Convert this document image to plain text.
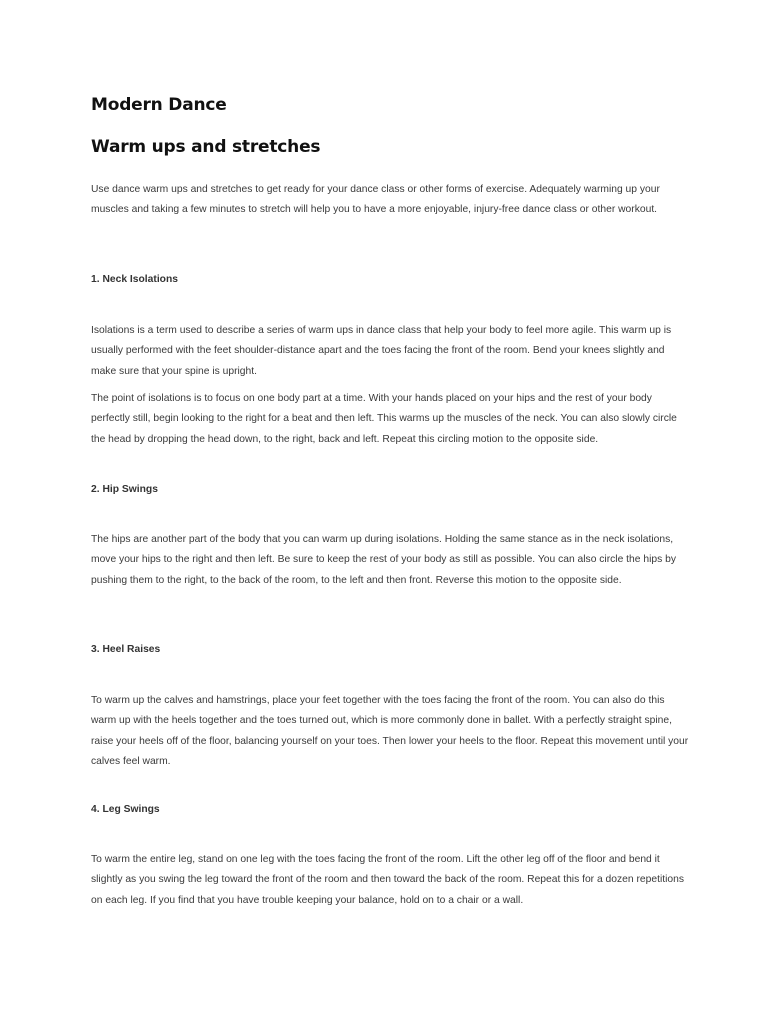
Modern Dance
Warm ups and stretches

Use dance warm ups and stretches to get ready for your dance class or other forms of exercise. Adequately warming up your muscles and taking a few minutes to stretch will help you to have a more enjoyable, injury-free dance class or other workout.

1. Neck Isolations

Isolations is a term used to describe a series of warm ups in dance class that help your body to feel more agile. This warm up is usually performed with the feet shoulder-distance apart and the toes facing the front of the room. Bend your knees slightly and make sure that your spine is upright.

The point of isolations is to focus on one body part at a time. With your hands placed on your hips and the rest of your body perfectly still, begin looking to the right for a beat and then left. This warms up the muscles of the neck. You can also slowly circle the head by dropping the head down, to the right, back and left. Repeat this circling motion to the opposite side.

2. Hip Swings

The hips are another part of the body that you can warm up during isolations. Holding the same stance as in the neck isolations, move your hips to the right and then left. Be sure to keep the rest of your body as still as possible. You can also circle the hips by pushing them to the right, to the back of the room, to the left and then front. Reverse this motion to the opposite side.

3. Heel Raises

To warm up the calves and hamstrings, place your feet together with the toes facing the front of the room. You can also do this warm up with the heels together and the toes turned out, which is more commonly done in ballet. With a perfectly straight spine, raise your heels off of the floor, balancing yourself on your toes. Then lower your heels to the floor. Repeat this movement until your calves feel warm.

4. Leg Swings

To warm the entire leg, stand on one leg with the toes facing the front of the room. Lift the other leg off of the floor and bend it slightly as you swing the leg toward the front of the room and then toward the back of the room. Repeat this for a dozen repetitions on each leg. If you find that you have trouble keeping your balance, hold on to a chair or a wall.
